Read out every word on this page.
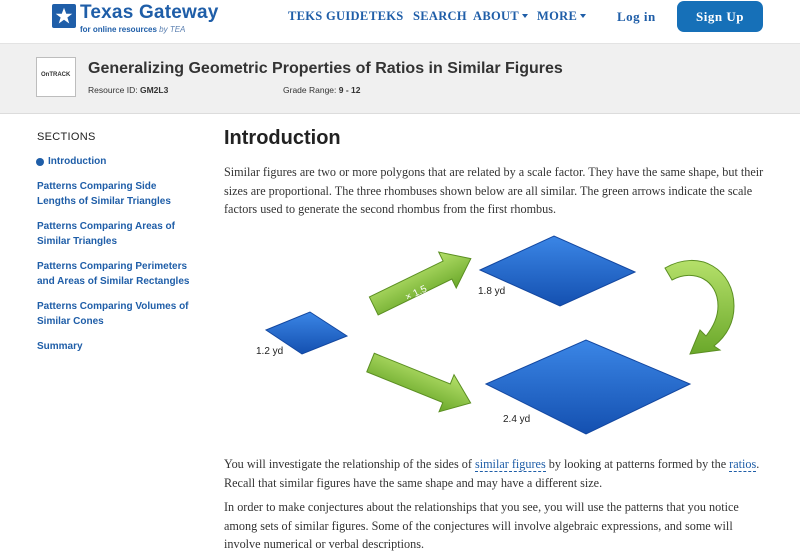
Texas Gateway
for online resources by TEA
TEKS GUIDE TEKS SEARCH ABOUT	MORE	Log in	Sign Up
OnTRACK Generalizing Geometric Properties of Ratios in Similar Figures
Resource ID: GM2L3	Grade Range: 9 - 12
SECTIONS
Introduction
Patterns Comparing Side Lengths of Similar Triangles
Patterns Comparing Areas of Similar Triangles
Patterns Comparing Perimeters and Areas of Similar Rectangles
Patterns Comparing Volumes of Similar Cones
Summary
Introduction
Similar figures are two or more polygons that are related by a scale factor. They have the same shape, but their sizes are proportional. The three rhombuses shown below are all similar. The green arrows indicate the scale factors used to generate the second rhombus from the first rhombus.
1.2 yd
1.8 yd
2.4 yd
× 1.5
× 2.0
× 0.75
You will investigate the relationship of the sides of similar figures by looking at patterns formed by the ratios. Recall that similar figures have the same shape and may have a different size.
In order to make conjectures about the relationships that you see, you will use the patterns that you notice among sets of similar figures. Some of the conjectures will involve algebraic expressions, and some will involve numerical or verbal descriptions.
